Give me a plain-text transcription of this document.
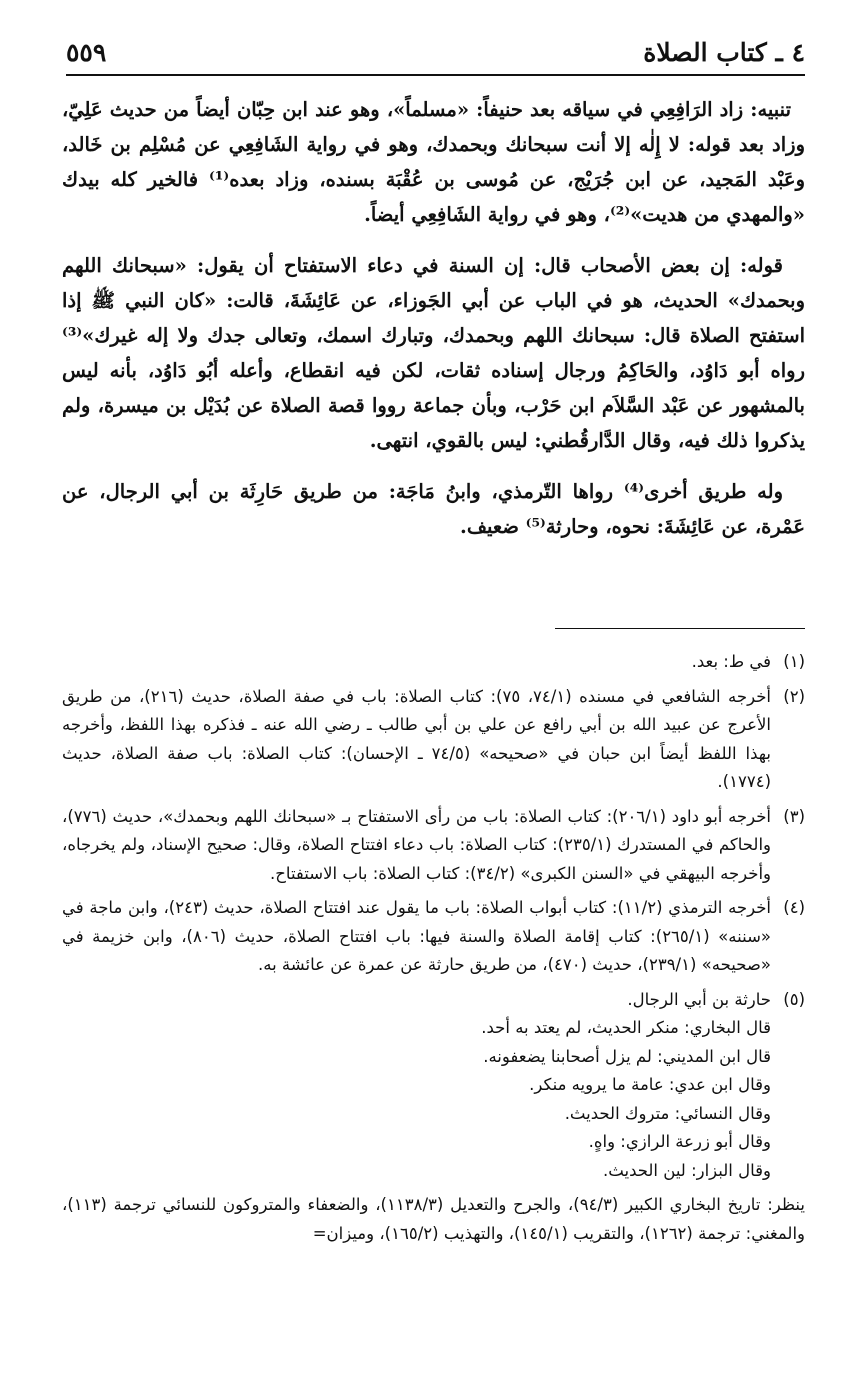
٤ ـ كتاب الصلاة
٥٥٩

تنبيه: زاد الرَافِعِي في سياقه بعد حنيفاً: «مسلماً»، وهو عند ابن حِبّان أيضاً من حديث عَلِيّ، وزاد بعد قوله: لا إِلٰه إلا أنت سبحانك وبحمدك، وهو في رواية الشَافِعِي عن مُسْلِم بن خَالد، وعَبْد المَجيد، عن ابن جُرَيْج، عن مُوسى بن عُقْبَة بسنده، وزاد بعده⁽¹⁾ فالخير كله بيدك «والمهدي من هديت»⁽²⁾، وهو في رواية الشَافِعِي أيضاً.

قوله: إن بعض الأصحاب قال: إن السنة في دعاء الاستفتاح أن يقول: «سبحانك اللهم وبحمدك» الحديث، هو في الباب عن أبي الجَوزاء، عن عَائِشَةَ، قالت: «كان النبي ﷺ إذا استفتح الصلاة قال: سبحانك اللهم وبحمدك، وتبارك اسمك، وتعالى جدك ولا إله غيرك»⁽³⁾ رواه أبو دَاوُد، والحَاكِمُ ورجال إسناده ثقات، لكن فيه انقطاع، وأعله أبُو دَاوُد، بأنه ليس بالمشهور عن عَبْد السَّلاَم ابن حَرْب، وبأن جماعة رووا قصة الصلاة عن بُدَيْل بن ميسرة، ولم يذكروا ذلك فيه، وقال الدَّارقُطني: ليس بالقوي، انتهى.

وله طريق أخرى⁽⁴⁾ رواها التّرمذي، وابنُ مَاجَة: من طريق حَارِثَة بن أبي الرجال، عن عَمْرة، عن عَائِشَةَ: نحوه، وحارثة⁽⁵⁾ ضعيف.

(١)
في ط: بعد.
(٢)
أخرجه الشافعي في مسنده (٧٤/١، ٧٥): كتاب الصلاة: باب في صفة الصلاة، حديث (٢١٦)، من طريق الأعرج عن عبيد الله بن أبي رافع عن علي بن أبي طالب ـ رضي الله عنه ـ فذكره بهذا اللفظ، وأخرجه بهذا اللفظ أيضاً ابن حبان في «صحيحه» (٧٤/٥ ـ الإحسان): كتاب الصلاة: باب صفة الصلاة، حديث (١٧٧٤).
(٣)
أخرجه أبو داود (٢٠٦/١): كتاب الصلاة: باب من رأى الاستفتاح بـ «سبحانك اللهم وبحمدك»، حديث (٧٧٦)، والحاكم في المستدرك (٢٣٥/١): كتاب الصلاة: باب دعاء افتتاح الصلاة، وقال: صحيح الإسناد، ولم يخرجاه، وأخرجه البيهقي في «السنن الكبرى» (٣٤/٢): كتاب الصلاة: باب الاستفتاح.
(٤)
أخرجه الترمذي (١١/٢): كتاب أبواب الصلاة: باب ما يقول عند افتتاح الصلاة، حديث (٢٤٣)، وابن ماجة في «سننه» (٢٦٥/١): كتاب إقامة الصلاة والسنة فيها: باب افتتاح الصلاة، حديث (٨٠٦)، وابن خزيمة في «صحيحه» (٢٣٩/١)، حديث (٤٧٠)، من طريق حارثة عن عمرة عن عائشة به.
(٥)
حارثة بن أبي الرجال.
قال البخاري: منكر الحديث، لم يعتد به أحد.
قال ابن المديني: لم يزل أصحابنا يضعفونه.
وقال ابن عدي: عامة ما يرويه منكر.
وقال النسائي: متروك الحديث.
وقال أبو زرعة الرازي: واهٍ.
وقال البزار: لين الحديث.
ينظر: تاريخ البخاري الكبير (٩٤/٣)، والجرح والتعديل (١١٣٨/٣)، والضعفاء والمتروكون للنسائي ترجمة (١١٣)، والمغني: ترجمة (١٢٦٢)، والتقريب (١٤٥/١)، والتهذيب (١٦٥/٢)، وميزان=
